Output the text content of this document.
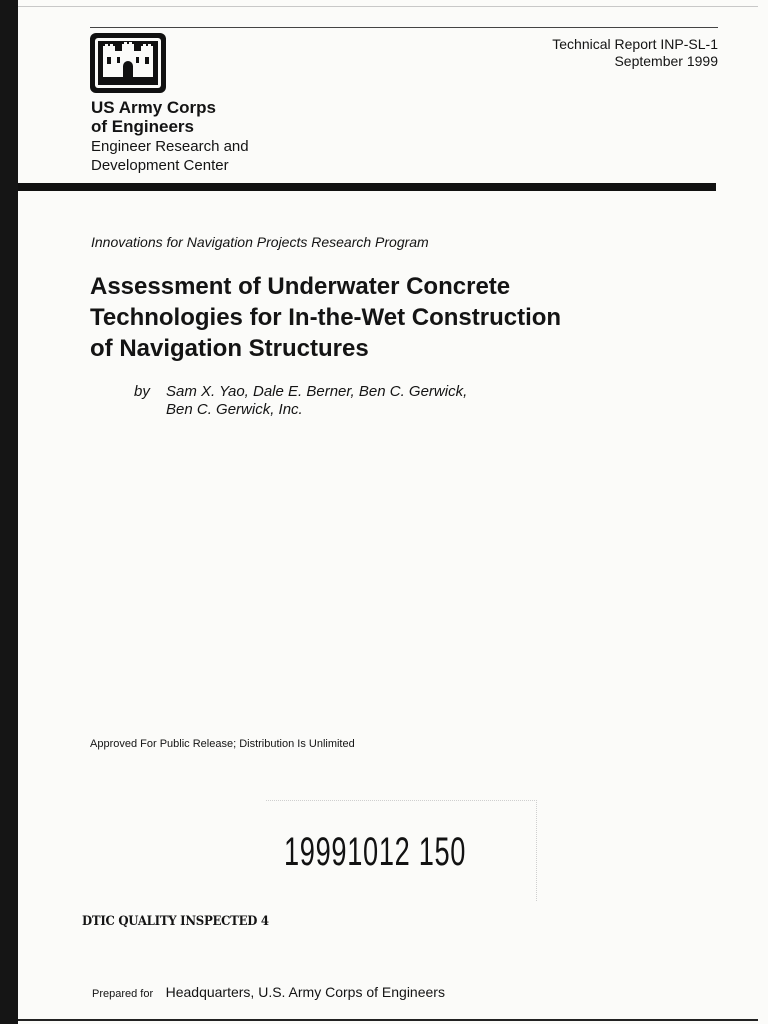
Technical Report INP-SL-1
September 1999
US Army Corps
of Engineers
Engineer Research and
Development Center
Innovations for Navigation Projects Research Program
Assessment of Underwater Concrete
Technologies for In-the-Wet Construction
of Navigation Structures
by Sam X. Yao, Dale E. Berner, Ben C. Gerwick,
Ben C. Gerwick, Inc.
Approved For Public Release; Distribution Is Unlimited
19991012 150
DTIC QUALITY INSPECTED 4
Prepared for Headquarters, U.S. Army Corps of Engineers
